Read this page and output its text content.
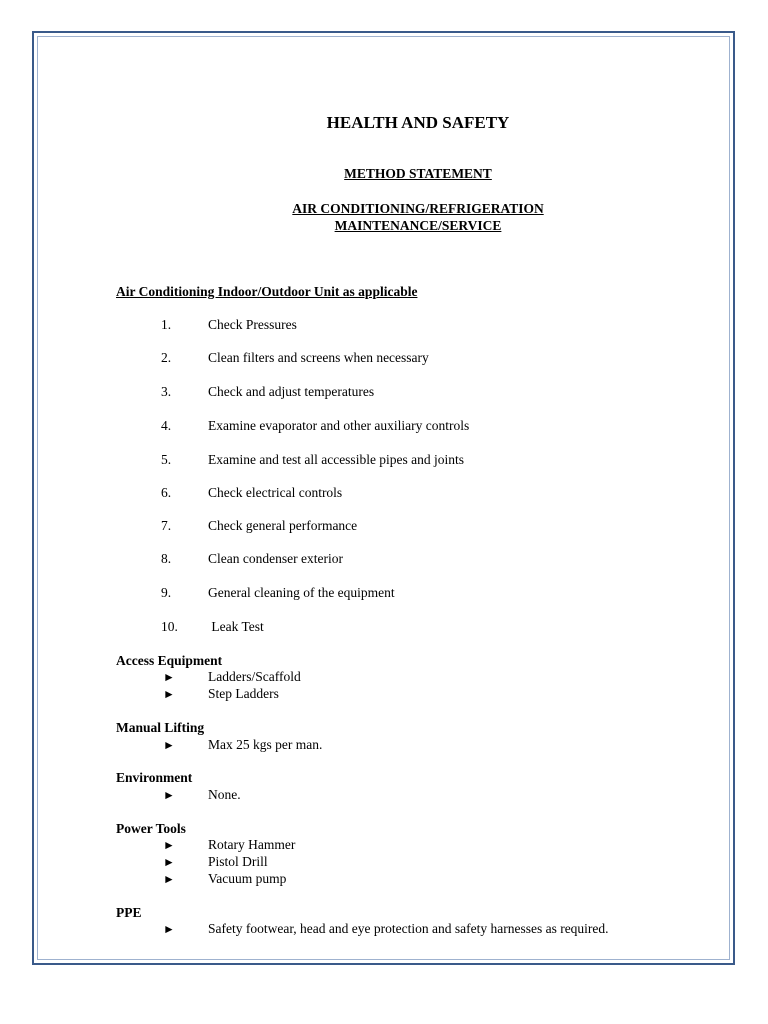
HEALTH AND SAFETY
METHOD STATEMENT
AIR CONDITIONING/REFRIGERATION
MAINTENANCE/SERVICE
Air Conditioning Indoor/Outdoor Unit as applicable
1.	Check Pressures
2.	Clean filters and screens when necessary
3.	Check and adjust temperatures
4.	Examine evaporator and other auxiliary controls
5.	Examine and test all accessible pipes and joints
6.	Check electrical controls
7.	Check general performance
8.	Clean condenser exterior
9.	General cleaning of the equipment
10. Leak Test
Access Equipment
► Ladders/Scaffold
► Step Ladders
Manual Lifting
► Max 25 kgs per man.
Environment
► None.
Power Tools
► Rotary Hammer
► Pistol Drill
► Vacuum pump
PPE
► Safety footwear, head and eye protection and safety harnesses as required.
